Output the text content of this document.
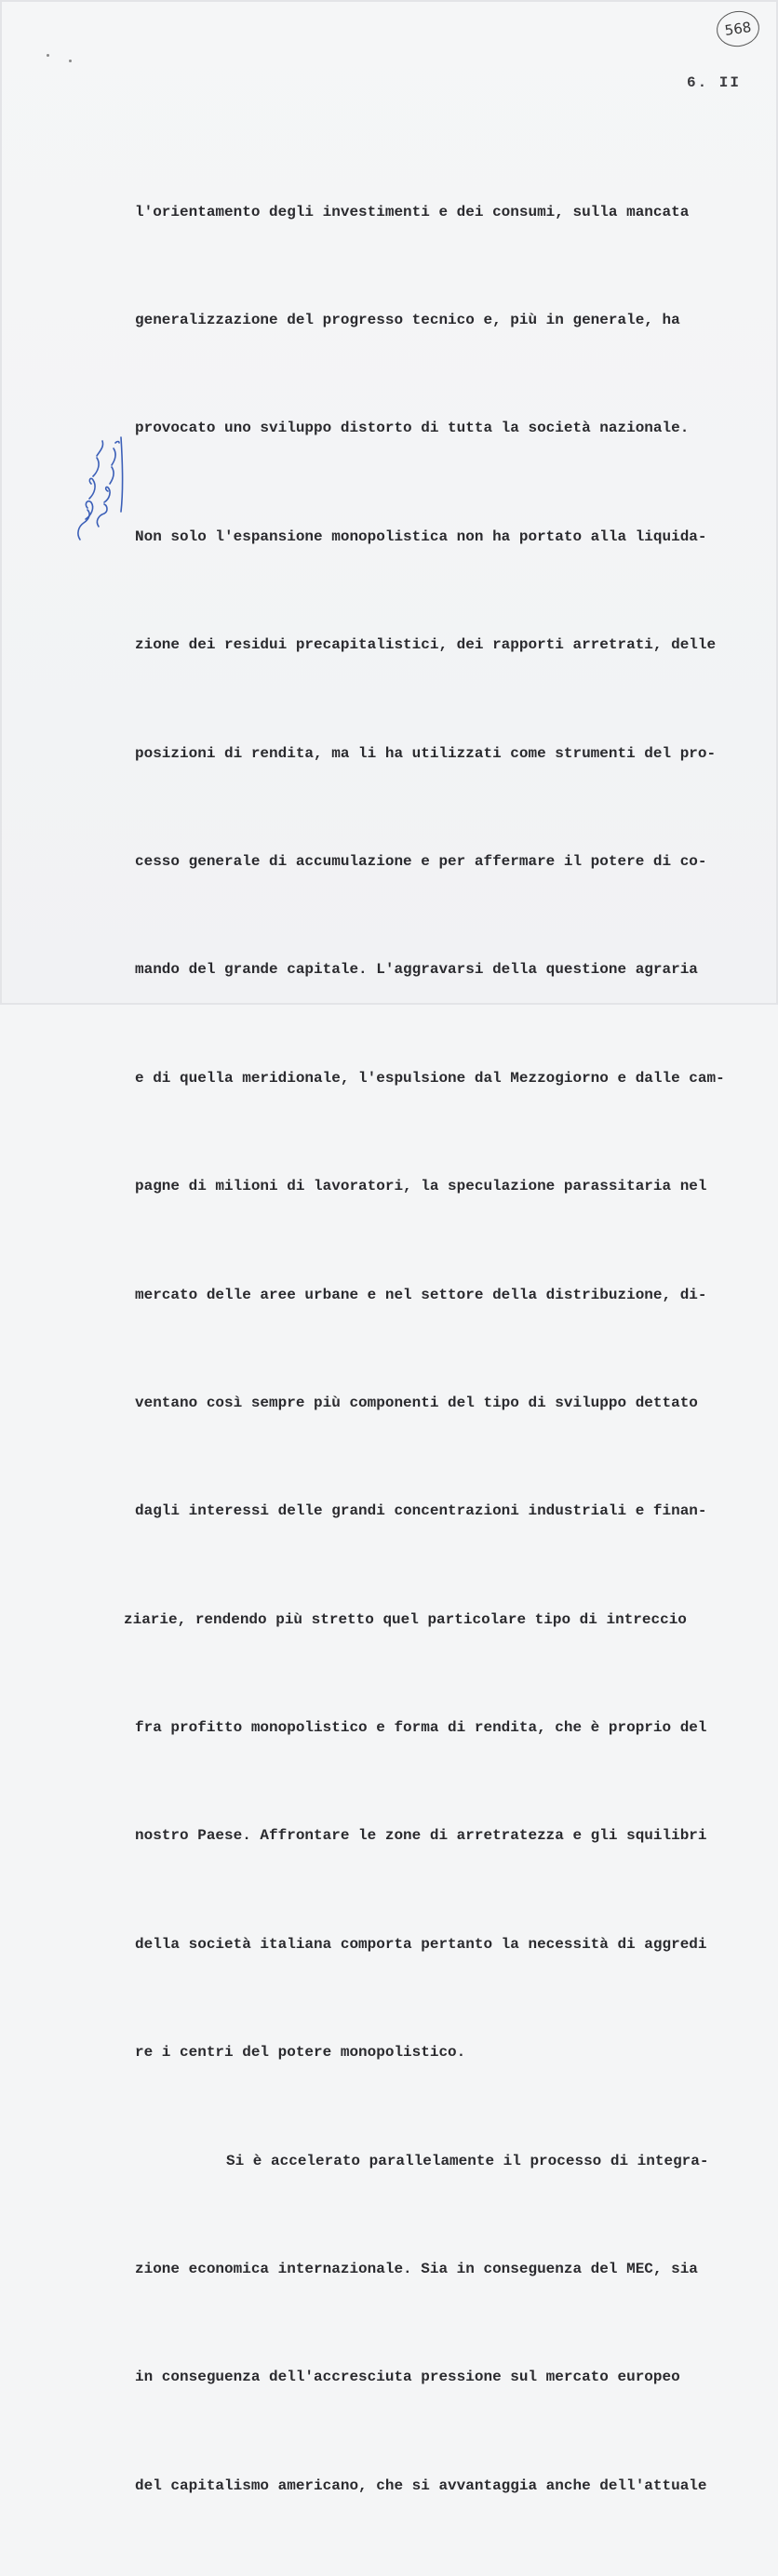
568
6. II

l'orientamento degli investimenti e dei consumi, sulla mancata

generalizzazione del progresso tecnico e, più in generale, ha

provocato uno sviluppo distorto di tutta la società nazionale.

Non solo l'espansione monopolistica non ha portato alla liquida-

zione dei residui precapitalistici, dei rapporti arretrati, delle

posizioni di rendita, ma li ha utilizzati come strumenti del pro-

cesso generale di accumulazione e per affermare il potere di co-

mando del grande capitale. L'aggravarsi della questione agraria

e di quella meridionale, l'espulsione dal Mezzogiorno e dalle cam-

pagne di milioni di lavoratori, la speculazione parassitaria nel

mercato delle aree urbane e nel settore della distribuzione, di-

ventano così sempre più componenti del tipo di sviluppo dettato

dagli interessi delle grandi concentrazioni industriali e finan-

ziarie, rendendo più stretto quel particolare tipo di intreccio

fra profitto monopolistico e forma di rendita, che è proprio del

nostro Paese. Affrontare le zone di arretratezza e gli squilibri

della società italiana comporta pertanto la necessità di aggredi

re i centri del potere monopolistico.

Si è accelerato parallelamente il processo di integra-

zione economica internazionale. Sia in conseguenza del MEC, sia

in conseguenza dell'accresciuta pressione sul mercato europeo

del capitalismo americano, che si avvantaggia anche dell'attuale
